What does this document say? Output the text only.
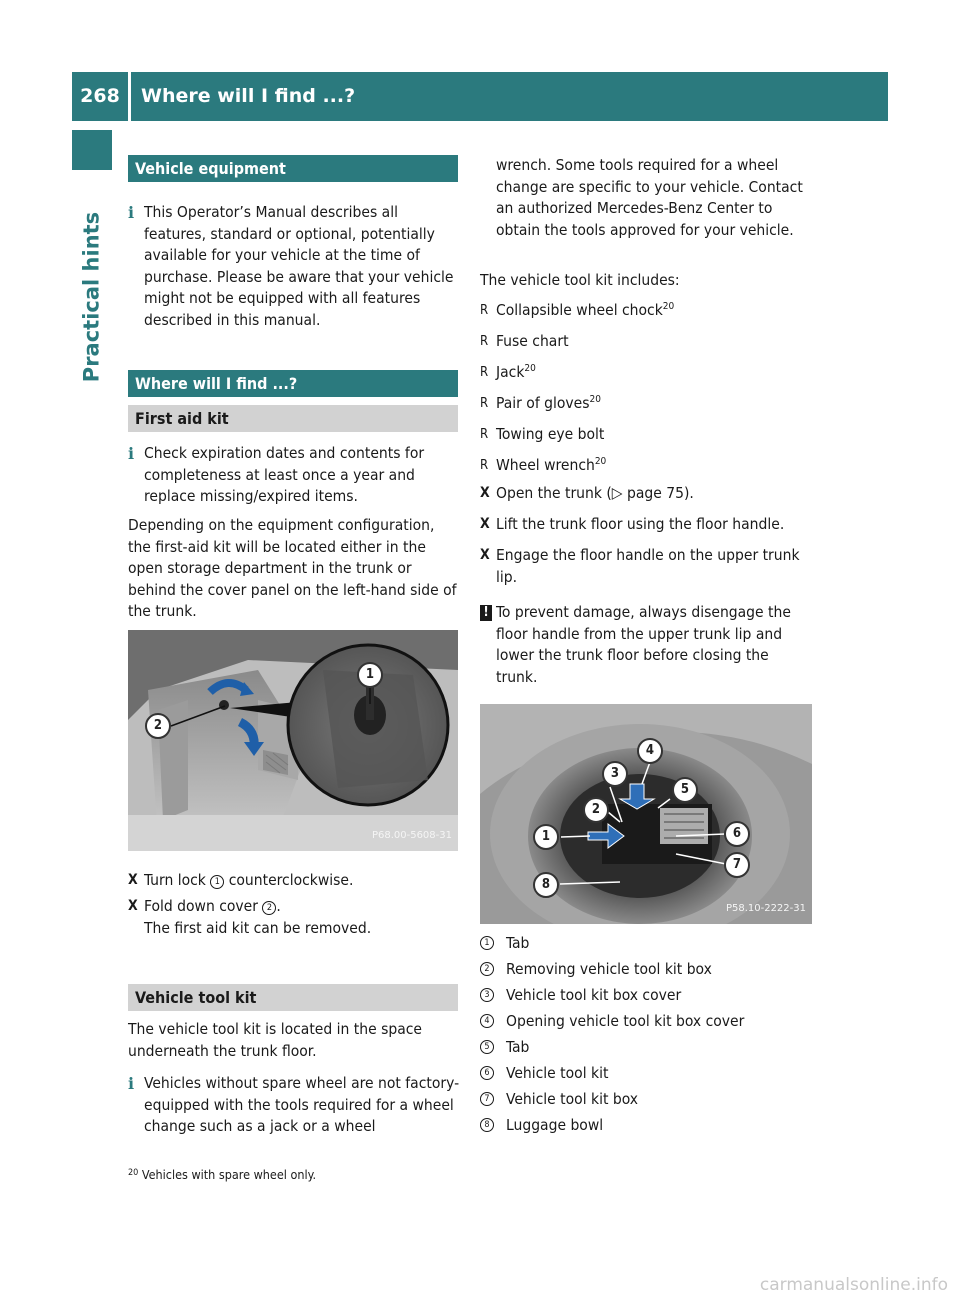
268	Where will I find ...?
Practical hints
Vehicle equipment
i This Operator’s Manual describes all features, standard or optional, potentially available for your vehicle at the time of purchase. Please be aware that your vehicle might not be equipped with all features described in this manual.
Where will I find ...?
First aid kit
i Check expiration dates and contents for completeness at least once a year and replace missing/expired items.
Depending on the equipment configuration, the first-aid kit will be located either in the open storage department in the trunk or behind the cover panel on the left-hand side of the trunk.
1
2
P68.00-5608-31
X Turn lock 1 counterclockwise.
X Fold down cover 2 .
The first aid kit can be removed.
Vehicle tool kit
The vehicle tool kit is located in the space underneath the trunk floor.
i Vehicles without spare wheel are not factory-equipped with the tools required for a wheel change such as a jack or a wheel
wrench. Some tools required for a wheel change are specific to your vehicle. Contact an authorized Mercedes-Benz Center to obtain the tools approved for your vehicle.
The vehicle tool kit includes:
R Collapsible wheel chock$^{20}$
R Fuse chart
R Jack$^{20}$
R Pair of gloves$^{20}$
R Towing eye bolt
R Wheel wrench$^{20}$
X Open the trunk (▷ page 75).
X Lift the trunk floor using the floor handle.
X Engage the floor handle on the upper trunk lip.
! To prevent damage, always disengage the floor handle from the upper trunk lip and lower the trunk floor before closing the trunk.
1
2
3
4
5
6
7
8
P58.10-2222-31
1 Tab
2 Removing vehicle tool kit box
3 Vehicle tool kit box cover
4 Opening vehicle tool kit box cover
5 Tab
6 Vehicle tool kit
7 Vehicle tool kit box
8 Luggage bowl
$^{20}$ Vehicles with spare wheel only.
carmanualsonline.info
